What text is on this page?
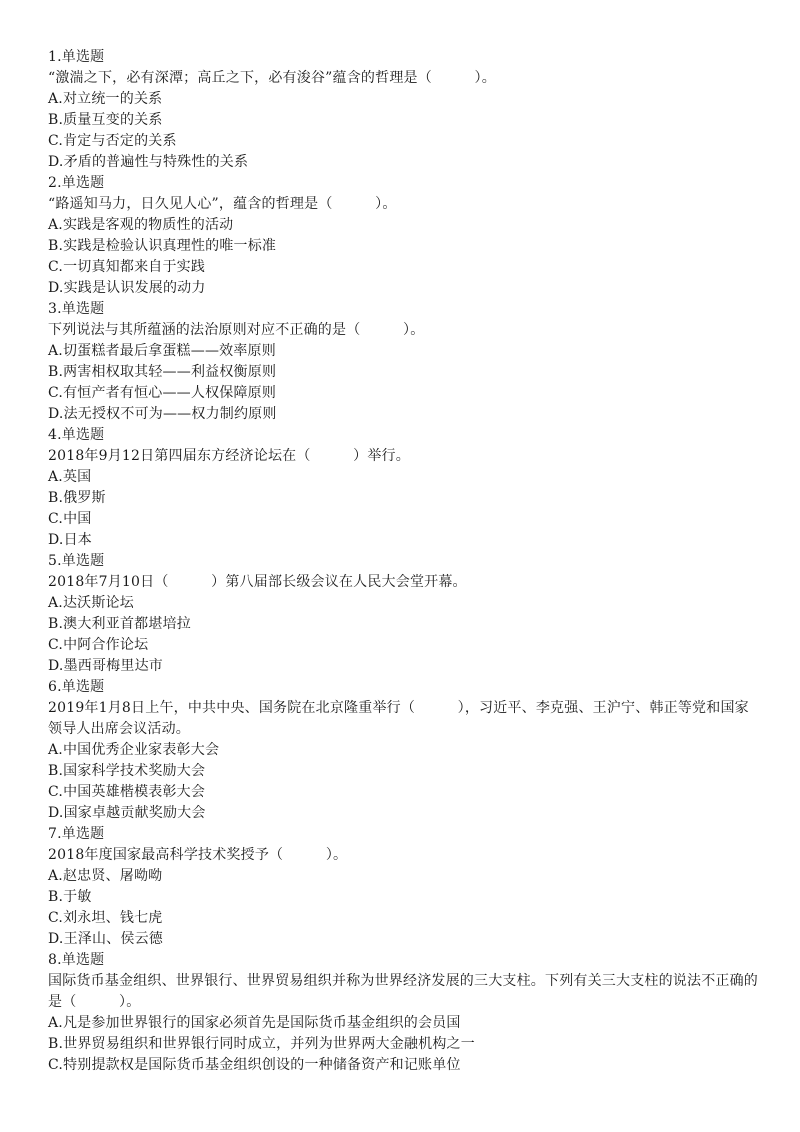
1.单选题
“激湍之下，必有深潭；高丘之下，必有浚谷”蕴含的哲理是（　　　）。
A.对立统一的关系
B.质量互变的关系
C.肯定与否定的关系
D.矛盾的普遍性与特殊性的关系
2.单选题
“路遥知马力，日久见人心”，蕴含的哲理是（　　　）。
A.实践是客观的物质性的活动
B.实践是检验认识真理性的唯一标准
C.一切真知都来自于实践
D.实践是认识发展的动力
3.单选题
下列说法与其所蕴涵的法治原则对应不正确的是（　　　）。
A.切蛋糕者最后拿蛋糕——效率原则
B.两害相权取其轻——利益权衡原则
C.有恒产者有恒心——人权保障原则
D.法无授权不可为——权力制约原则
4.单选题
2018年9月12日第四届东方经济论坛在（　　　）举行。
A.英国
B.俄罗斯
C.中国
D.日本
5.单选题
2018年7月10日（　　　）第八届部长级会议在人民大会堂开幕。
A.达沃斯论坛
B.澳大利亚首都堪培拉
C.中阿合作论坛
D.墨西哥梅里达市
6.单选题
2019年1月8日上午，中共中央、国务院在北京隆重举行（　　　），习近平、李克强、王沪宁、韩正等党和国家领导人出席会议活动。
A.中国优秀企业家表彰大会
B.国家科学技术奖励大会
C.中国英雄楷模表彰大会
D.国家卓越贡献奖励大会
7.单选题
2018年度国家最高科学技术奖授予（　　　）。
A.赵忠贤、屠呦呦
B.于敏
C.刘永坦、钱七虎
D.王泽山、侯云德
8.单选题
国际货币基金组织、世界银行、世界贸易组织并称为世界经济发展的三大支柱。下列有关三大支柱的说法不正确的是（　　　）。
A.凡是参加世界银行的国家必须首先是国际货币基金组织的会员国
B.世界贸易组织和世界银行同时成立，并列为世界两大金融机构之一
C.特别提款权是国际货币基金组织创设的一种储备资产和记账单位
